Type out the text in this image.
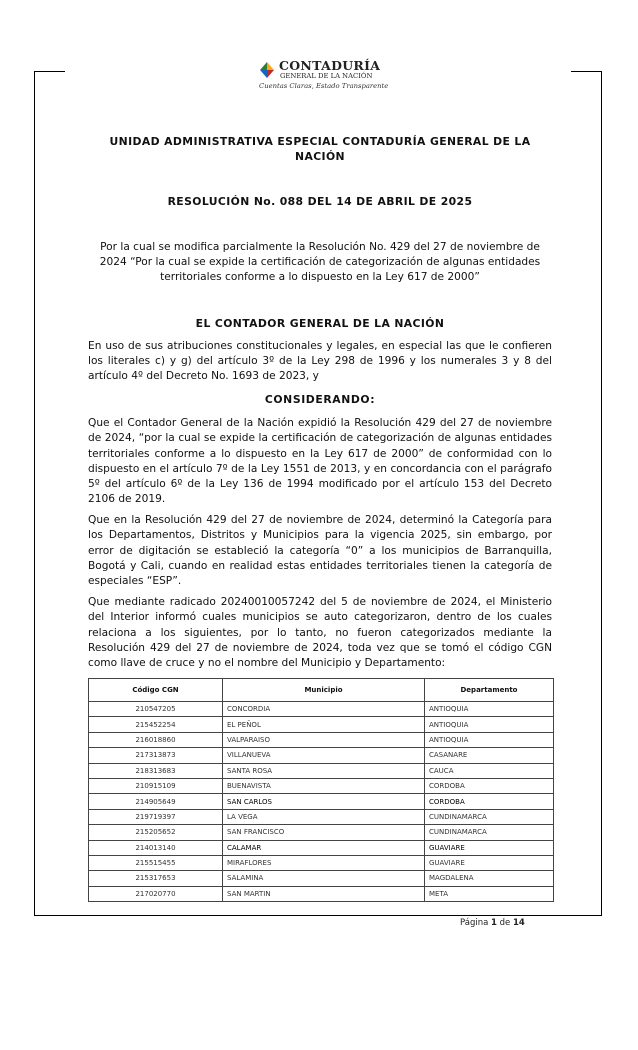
CONTADURÍA
GENERAL DE LA NACIÓN
Cuentas Claras, Estado Transparente
UNIDAD ADMINISTRATIVA ESPECIAL CONTADURÍA GENERAL DE LA NACIÓN
RESOLUCIÓN No. 088 DEL 14 DE ABRIL DE 2025
Por la cual se modifica parcialmente la Resolución No. 429 del 27 de noviembre de 2024 “Por la cual se expide la certificación de categorización de algunas entidades territoriales conforme a lo dispuesto en la Ley 617 de 2000”
EL CONTADOR GENERAL DE LA NACIÓN
En uso de sus atribuciones constitucionales y legales, en especial las que le confieren los literales c) y g) del artículo 3º de la Ley 298 de 1996 y los numerales 3 y 8 del artículo 4º del Decreto No. 1693 de 2023, y
CONSIDERANDO:
Que el Contador General de la Nación expidió la Resolución 429 del 27 de noviembre de 2024, “por la cual se expide la certificación de categorización de algunas entidades territoriales conforme a lo dispuesto en la Ley 617 de 2000” de conformidad con lo dispuesto en el artículo 7º de la Ley 1551 de 2013, y en concordancia con el parágrafo 5º del artículo 6º de la Ley 136 de 1994 modificado por el artículo 153 del Decreto 2106 de 2019.
Que en la Resolución 429 del 27 de noviembre de 2024, determinó la Categoría para los Departamentos, Distritos y Municipios para la vigencia 2025, sin embargo, por error de digitación se estableció la categoría “0” a los municipios de Barranquilla, Bogotá y Cali, cuando en realidad estas entidades territoriales tienen la categoría de especiales “ESP”.
Que mediante radicado 20240010057242 del 5 de noviembre de 2024, el Ministerio del Interior informó cuales municipios se auto categorizaron, dentro de los cuales relaciona a los siguientes, por lo tanto, no fueron categorizados mediante la Resolución 429 del 27 de noviembre de 2024, toda vez que se tomó el código CGN como llave de cruce y no el nombre del Municipio y Departamento:
Código CGN	Municipio	Departamento
210547205	CONCORDIA	ANTIOQUIA
215452254	EL PEÑOL	ANTIOQUIA
216018860	VALPARAISO	ANTIOQUIA
217313873	VILLANUEVA	CASANARE
218313683	SANTA ROSA	CAUCA
210915109	BUENAVISTA	CORDOBA
214905649	SAN CARLOS	CORDOBA
219719397	LA VEGA	CUNDINAMARCA
215205652	SAN FRANCISCO	CUNDINAMARCA
214013140	CALAMAR	GUAVIARE
215515455	MIRAFLORES	GUAVIARE
215317653	SALAMINA	MAGDALENA
217020770	SAN MARTIN	META
Página 1 de 14
